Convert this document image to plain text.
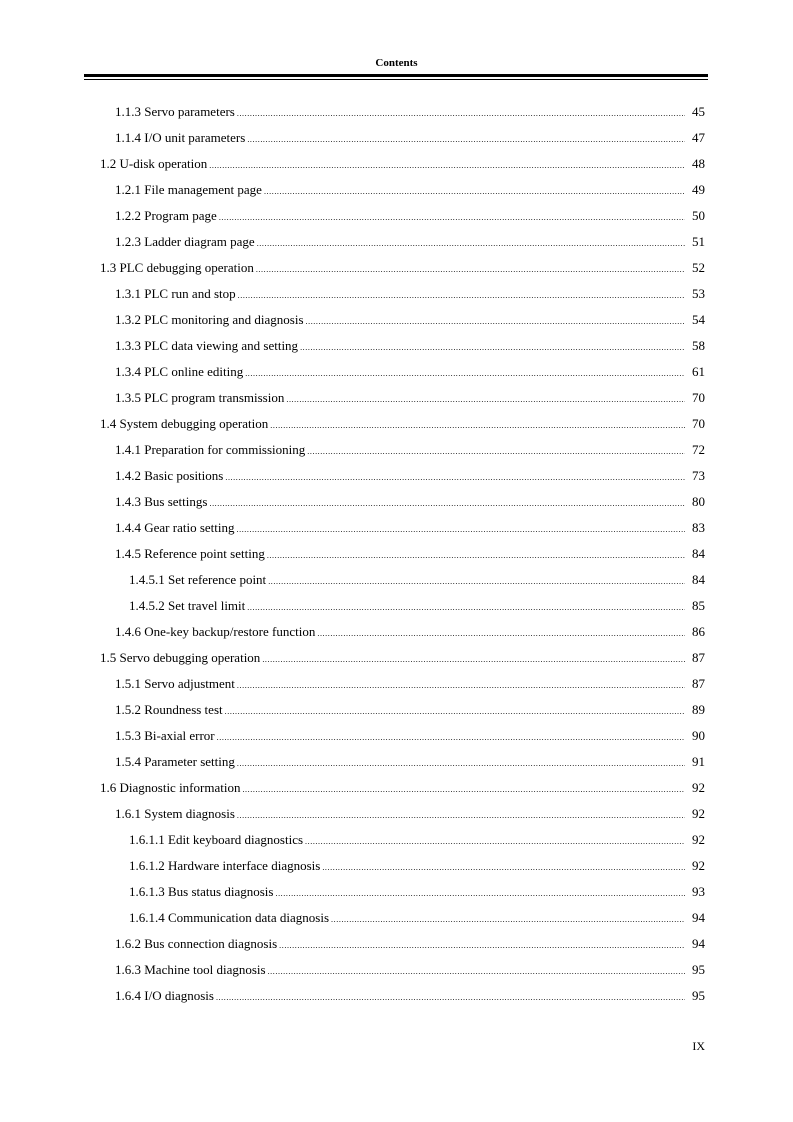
Contents
1.1.3 Servo parameters .....	45
1.1.4 I/O unit parameters .....	47
1.2 U-disk operation .....	48
1.2.1 File management page .....	49
1.2.2 Program page .....	50
1.2.3 Ladder diagram page .....	51
1.3 PLC debugging operation .....	52
1.3.1 PLC run and stop .....	53
1.3.2 PLC monitoring and diagnosis .....	54
1.3.3 PLC data viewing and setting .....	58
1.3.4 PLC online editing .....	61
1.3.5 PLC program transmission .....	70
1.4 System debugging operation .....	70
1.4.1 Preparation for commissioning .....	72
1.4.2 Basic positions .....	73
1.4.3 Bus settings .....	80
1.4.4 Gear ratio setting .....	83
1.4.5 Reference point setting .....	84
1.4.5.1 Set reference point .....	84
1.4.5.2 Set travel limit .....	85
1.4.6 One-key backup/restore function .....	86
1.5 Servo debugging operation .....	87
1.5.1 Servo adjustment .....	87
1.5.2 Roundness test .....	89
1.5.3 Bi-axial error .....	90
1.5.4 Parameter setting .....	91
1.6 Diagnostic information .....	92
1.6.1 System diagnosis .....	92
1.6.1.1 Edit keyboard diagnostics .....	92
1.6.1.2 Hardware interface diagnosis .....	92
1.6.1.3 Bus status diagnosis .....	93
1.6.1.4 Communication data diagnosis .....	94
1.6.2 Bus connection diagnosis .....	94
1.6.3 Machine tool diagnosis .....	95
1.6.4 I/O diagnosis .....	95
IX
